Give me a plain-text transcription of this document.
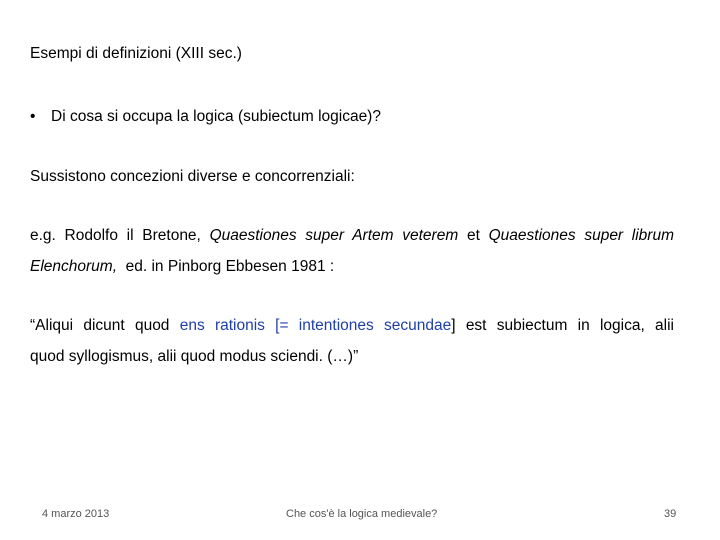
Esempi di definizioni (XIII sec.)
• Di cosa si occupa la logica (subiectum logicae)?
Sussistono concezioni diverse e concorrenziali:
e.g. Rodolfo il Bretone, Quaestiones super Artem veterem et Quaestiones super librum
Elenchorum,  ed. in Pinborg Ebbesen 1981 :
“Aliqui dicunt quod ens rationis [= intentiones secundae] est subiectum in logica, alii
quod syllogismus, alii quod modus sciendi. (…)”
4 marzo 2013	Che cos'è la logica medievale?	39
